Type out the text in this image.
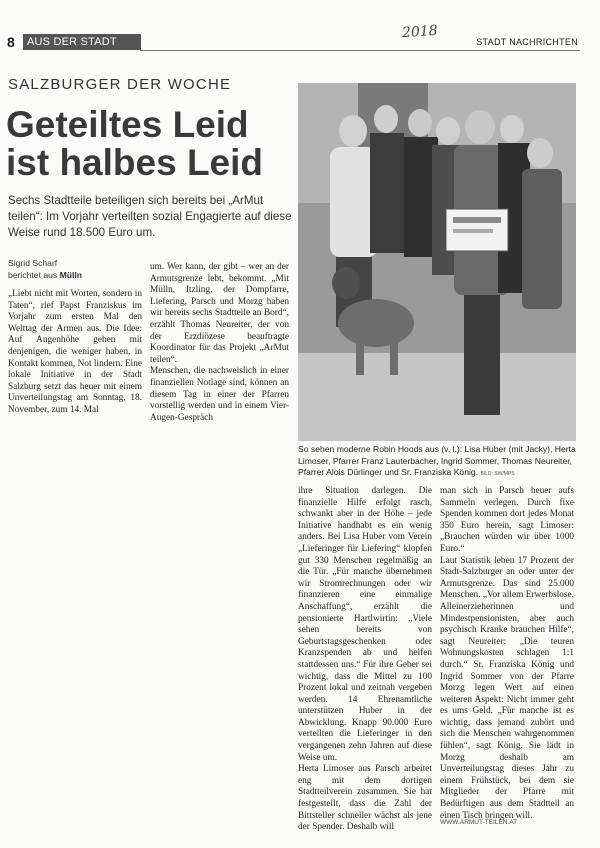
8	AUS DER STADT
2018
STADT NACHRICHTEN
SALZBURGER DER WOCHE
Geteiltes Leid
ist halbes Leid
Sechs Stadtteile beteiligen sich bereits bei „ArMut teilen“: Im Vorjahr verteilten sozial Engagierte auf diese Weise rund 18.500 Euro um.
Sigrid Scharf
berichtet aus Mülln
„Liebt nicht mit Worten, sondern in Taten“, rief Papst Franziskus im Vorjahr zum ersten Mal den Welttag der Armen aus. Die Idee: Auf Augenhöhe gehen mit denjenigen, die weniger haben, in Kontakt kommen, Not lindern. Eine lokale Initiative in der Stadt Salzburg setzt das heuer mit einem Unverteilungstag am Sonntag, 18. November, zum 14. Mal
um. Wer kann, der gibt – wer an der Armutsgrenze lebt, bekommt. „Mit Mülln, Itzling, der Dompfarre, Liefering, Parsch und Morzg haben wir bereits sechs Stadtteile an Bord“, erzählt Thomas Neureiter, der von der Erzdiözese beauftragte Koordinator für das Projekt „ArMut teilen“.
Menschen, die nachweislich in einer finanziellen Notlage sind, können an diesem Tag in einer der Pfarren vorstellig werden und in einem Vier-Augen-Gespräch
So sehen moderne Robin Hoods aus (v. l.): Lisa Huber (mit Jacky), Herta Limoser, Pfarrer Franz Lauterbacher, Ingrid Sommer, Thomas Neureiter, Pfarrer Alois Dürlinger und Sr. Franziska König. BILD: SW/MPS
ihre Situation darlegen. Die finanzielle Hilfe erfolgt rasch, schwankt aber in der Höhe – jede Initiative handhabt es ein wenig anders. Bei Lisa Huber vom Verein „Lieferinger für Liefering“ klopfen gut 330 Menschen regelmäßig an die Tür. „Für manche übernehmen wir Stromrechnungen oder wir finanzieren eine einmalige Anschaffung“, erzählt die pensionierte Hartlwirtin: „Viele sehen bereits von Geburtstagsgeschenken oder Kranzspenden ab und helfen stattdessen uns.“ Für ihre Geber sei wichtig, dass die Mittel zu 100 Prozent lokal und zeitnah vergeben werden. 14 Ehrenamtliche unterstützen Huber in der Abwicklung. Knapp 90.000 Euro verteilten die Lieferinger in den vergangenen zehn Jahren auf diese Weise um.
Herta Limoser aus Parsch arbeitet eng mit dem dortigen Stadtteilverein zusammen. Sie hat festgestellt, dass die Zahl der Bittsteller schneller wächst als jene der Spender. Deshalb will
man sich in Parsch heuer aufs Sammeln verlegen. Durch fixe Spenden kommen dort jedes Monat 350 Euro herein, sagt Limoser: „Brauchen würden wir über 1000 Euro.“
Laut Statistik leben 17 Prozent der Stadt-Salzburger an oder unter der Armutsgrenze. Das sind 25.000 Menschen. „Vor allem Erwerbslose, Alleinerzieherinnen und Mindestpensionisten, aber auch psychisch Kranke brauchen Hilfe“, sagt Neureiter: „Die teuren Wohnungskosten schlagen 1:1 durch.“ Sr. Franziska König und Ingrid Sommer von der Pfarre Morzg legen Wert auf einen weiteren Aspekt: Nicht immer geht es ums Geld. „Für manche ist es wichtig, dass jemand zuhört und sich die Menschen wahrgenommen fühlen“, sagt König. Sie lädt in Morzg deshalb am Unverteilungstag dieses Jahr zu einem Frühstück, bei dem sie Mitglieder der Pfarre mit Bedürftigen aus dem Stadtteil an einen Tisch bringen will.
WWW.ARMUT-TEILEN.AT
